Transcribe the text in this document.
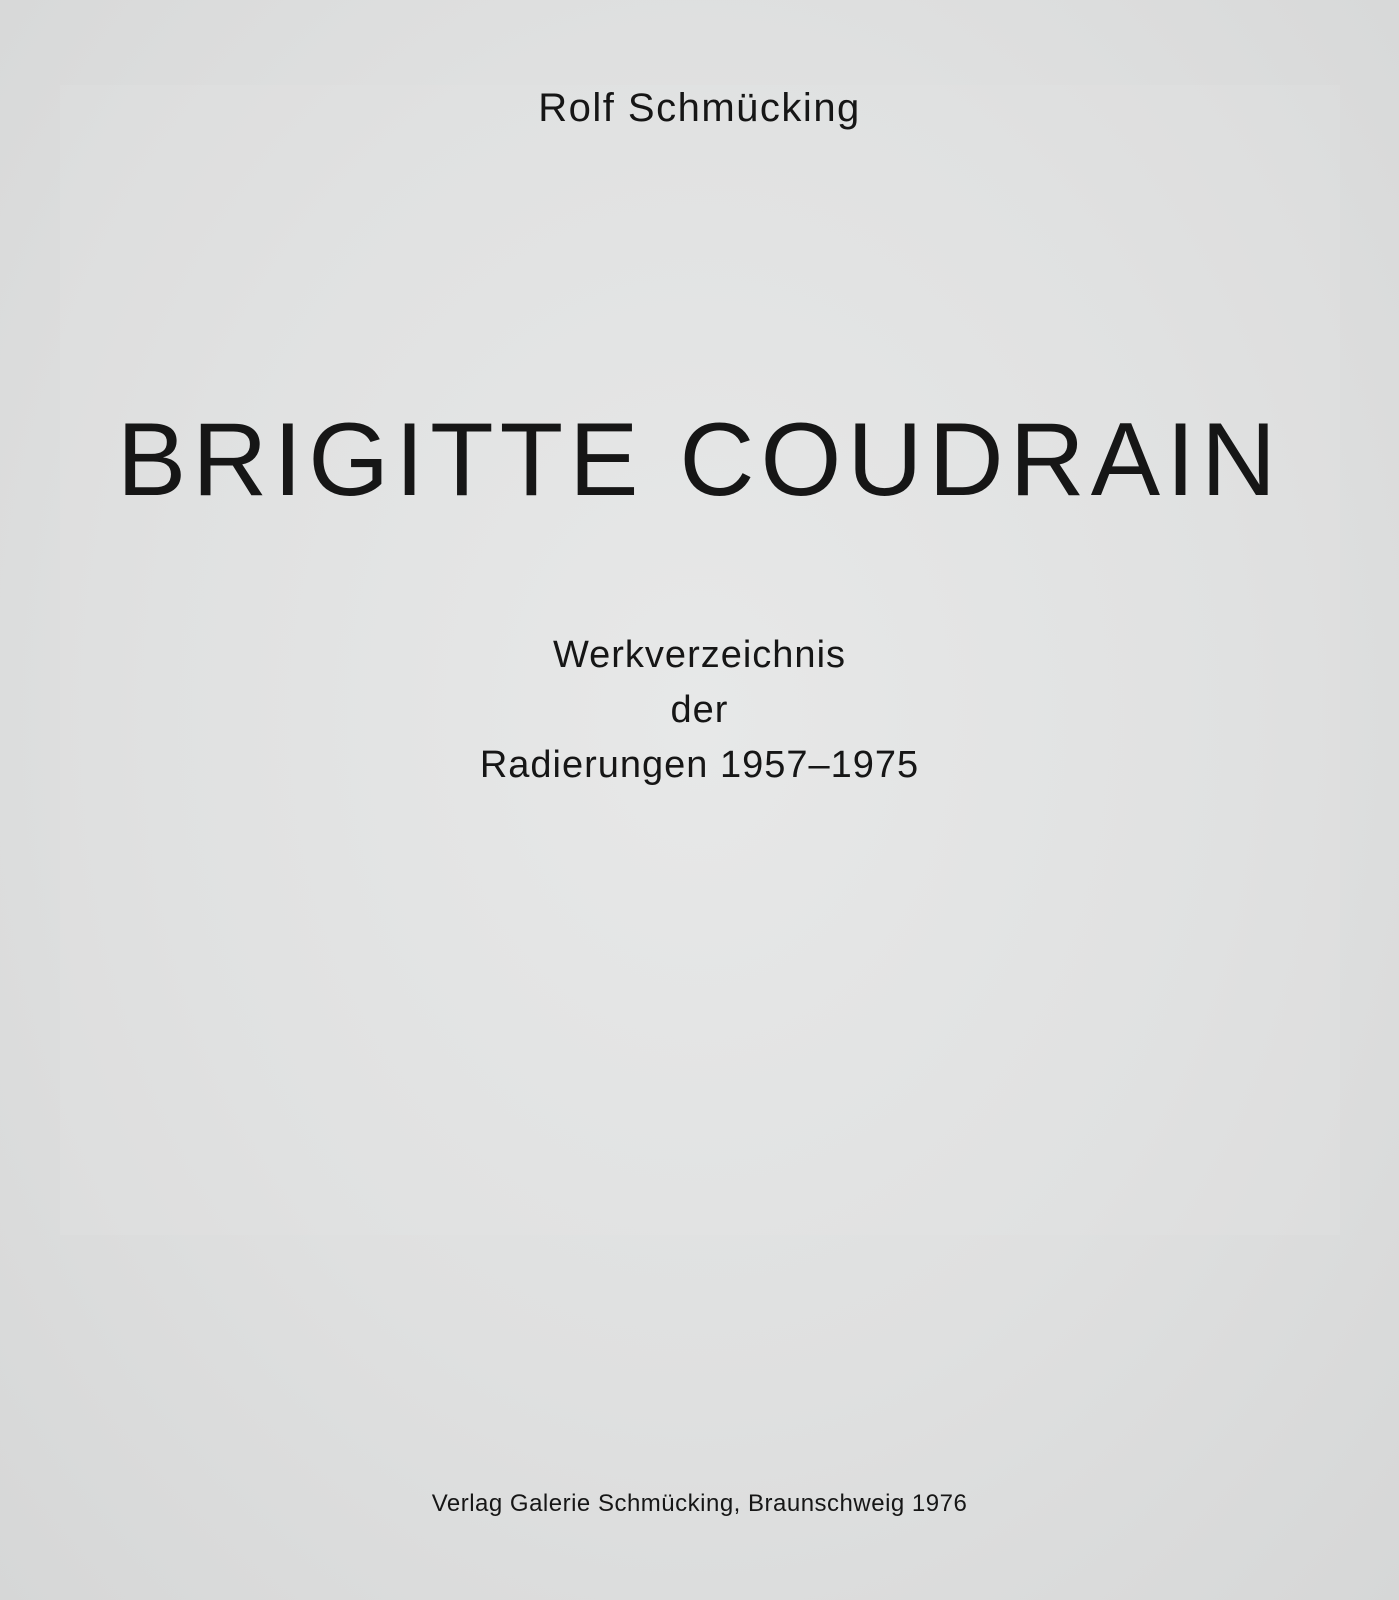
Rolf Schmücking
BRIGITTE COUDRAIN
Werkverzeichnis
der
Radierungen 1957–1975
Verlag Galerie Schmücking, Braunschweig 1976
